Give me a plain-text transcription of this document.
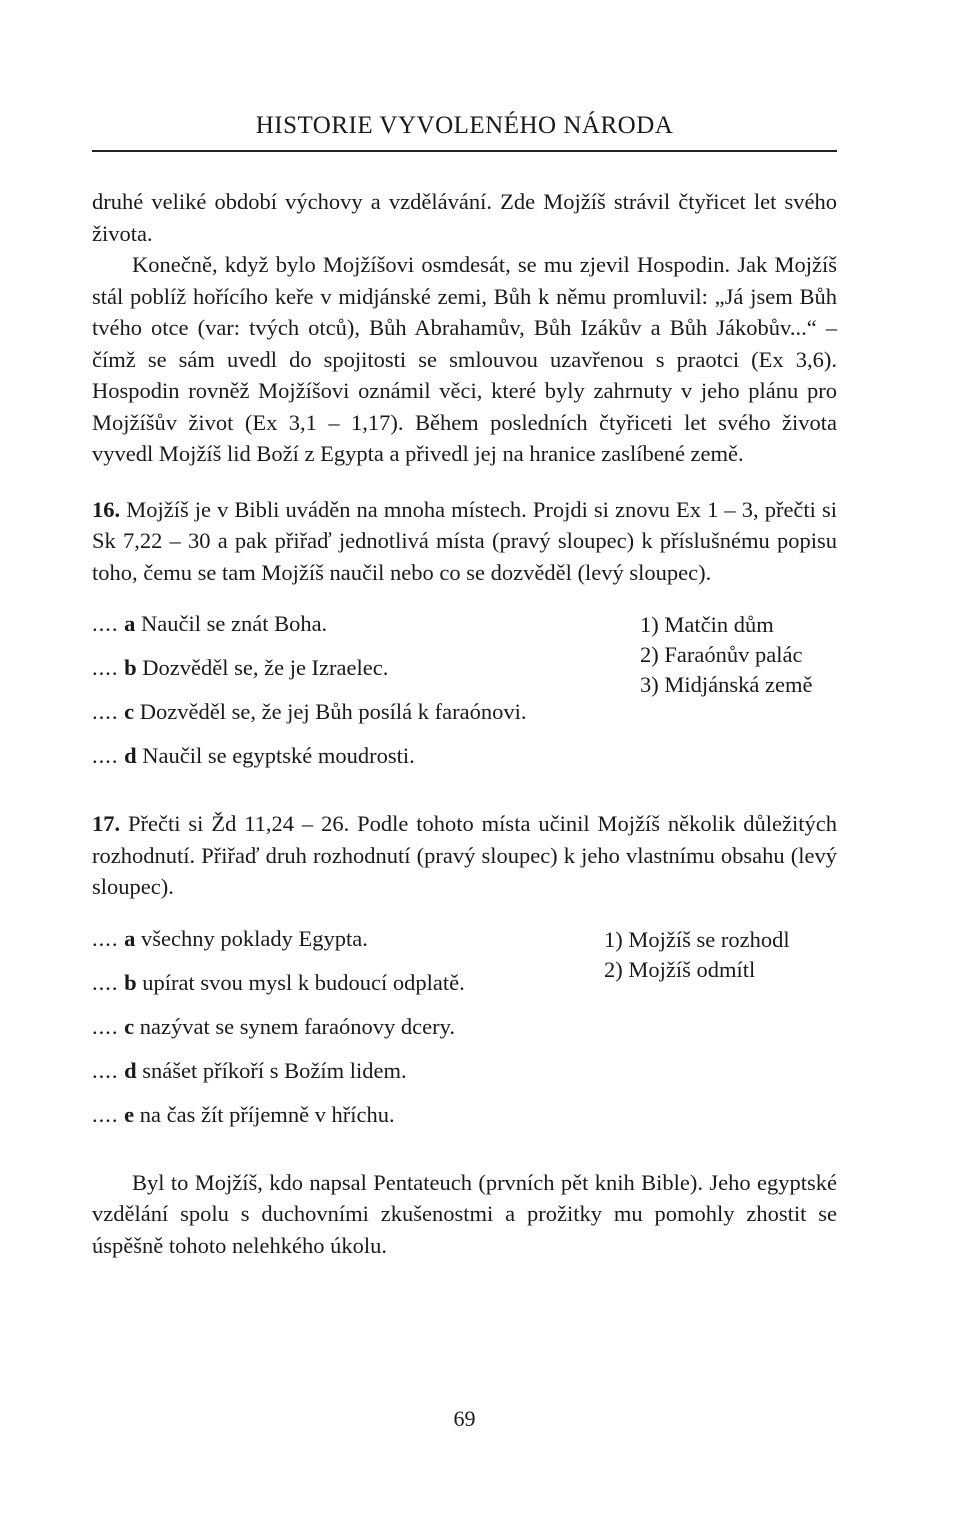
HISTORIE VYVOLENÉHO NÁRODA

druhé veliké období výchovy a vzdělávání. Zde Mojžíš strávil čtyřicet let svého života.

Konečně, když bylo Mojžíšovi osmdesát, se mu zjevil Hospodin. Jak Mojžíš stál poblíž hořícího keře v midjánské zemi, Bůh k němu promluvil: „Já jsem Bůh tvého otce (var: tvých otců), Bůh Abrahamův, Bůh Izákův a Bůh Jákobův...“ – čímž se sám uvedl do spojitosti se smlouvou uzavřenou s praotci (Ex 3,6). Hospodin rovněž Mojžíšovi oznámil věci, které byly zahrnuty v jeho plánu pro Mojžíšův život (Ex 3,1 – 1,17). Během posledních čtyřiceti let svého života vyvedl Mojžíš lid Boží z Egypta a přivedl jej na hranice zaslíbené země.

16. Mojžíš je v Bibli uváděn na mnoha místech. Projdi si znovu Ex 1 – 3, přečti si Sk 7,22 – 30 a pak přiřaď jednotlivá místa (pravý sloupec) k příslušnému popisu toho, čemu se tam Mojžíš naučil nebo co se dozvěděl (levý sloupec).

.... a Naučil se znát Boha.
.... b Dozvěděl se, že je Izraelec.
.... c Dozvěděl se, že jej Bůh posílá k faraónovi.
.... d Naučil se egyptské moudrosti.
1) Matčin dům
2) Faraónův palác
3) Midjánská země

17. Přečti si Žd 11,24 – 26. Podle tohoto místa učinil Mojžíš několik důležitých rozhodnutí. Přiřaď druh rozhodnutí (pravý sloupec) k jeho vlastnímu obsahu (levý sloupec).

.... a všechny poklady Egypta.
.... b upírat svou mysl k budoucí odplatě.
.... c nazývat se synem faraónovy dcery.
.... d snášet příkoří s Božím lidem.
.... e na čas žít příjemně v hříchu.
1) Mojžíš se rozhodl
2) Mojžíš odmítl

Byl to Mojžíš, kdo napsal Pentateuch (prvních pět knih Bible). Jeho egyptské vzdělání spolu s duchovními zkušenostmi a prožitky mu pomohly zhostit se úspěšně tohoto nelehkého úkolu.

69
